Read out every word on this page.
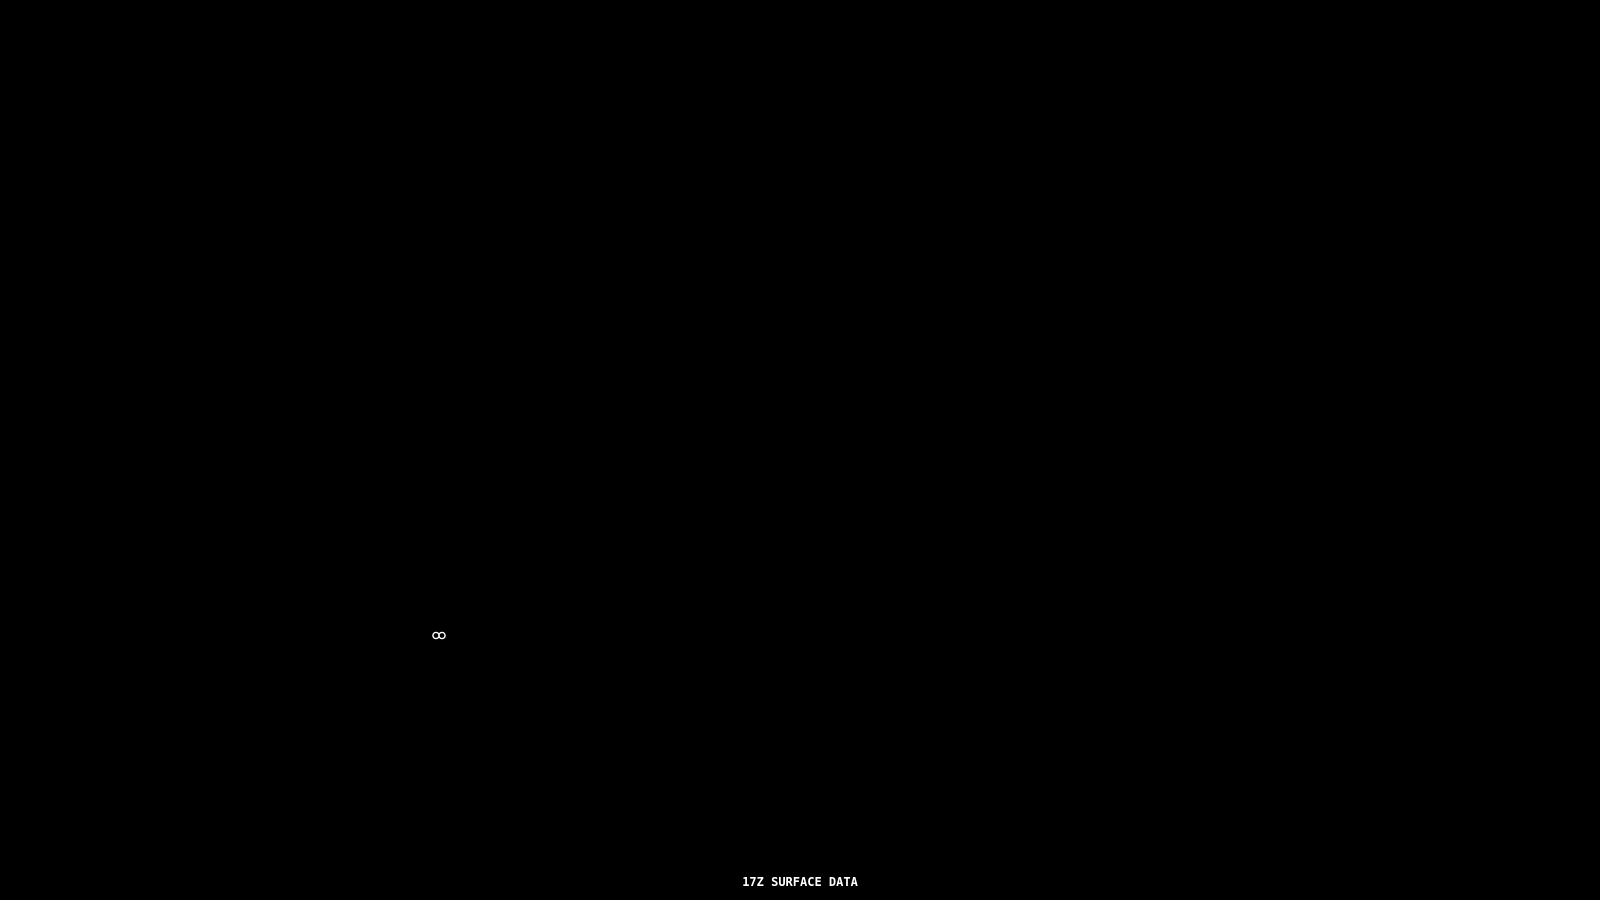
17Z SURFACE DATA
